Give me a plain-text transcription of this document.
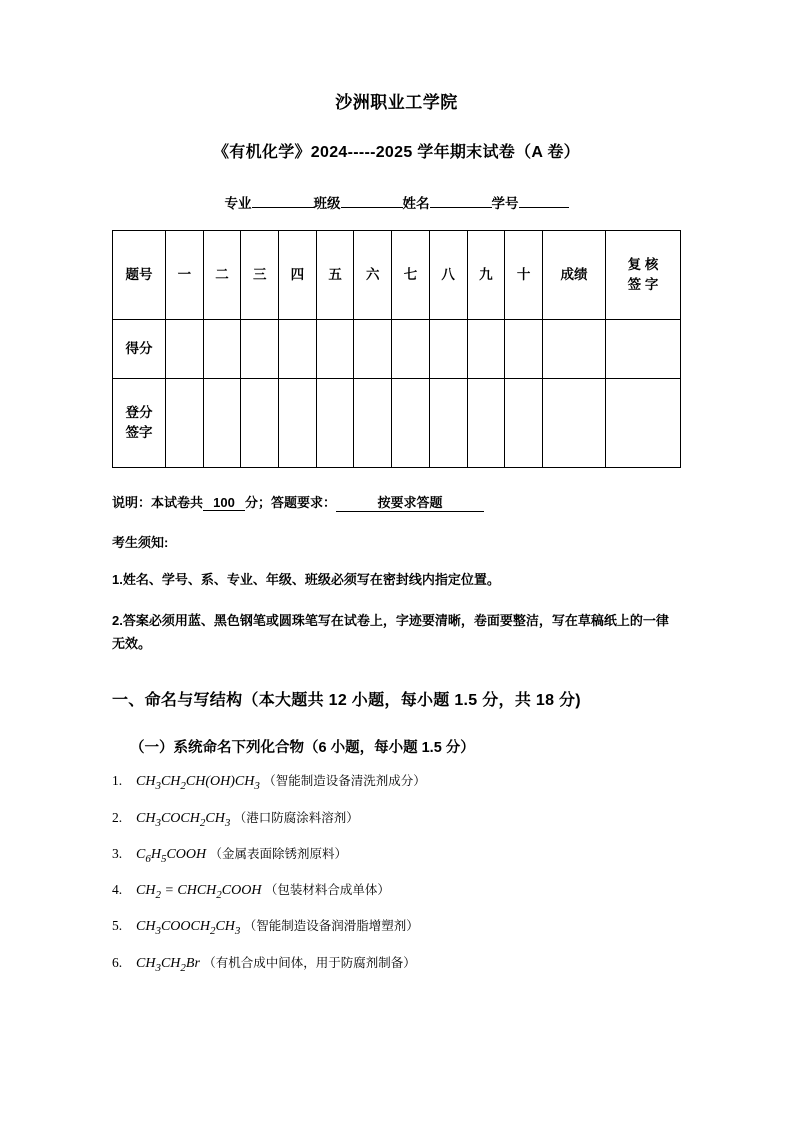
沙洲职业工学院
《有机化学》2024-----2025 学年期末试卷（A 卷）
专业	班级	姓名	学号
题号	一	二	三	四	五	六	七	八	九	十	成绩	复 核
签 字

得分												

登分
签字												

说明：本试卷共 100 分；答题要求：	按要求答题
考生须知:
1.姓名、学号、系、专业、年级、班级必须写在密封线内指定位置。
2.答案必须用蓝、黑色钢笔或圆珠笔写在试卷上，字迹要清晰，卷面要整洁，写在草稿纸上的一律无效。
一、命名与写结构（本大题共 12 小题，每小题 1.5 分，共 18 分)
（一）系统命名下列化合物（6 小题，每小题 1.5 分）
1. $CH_3CH_2CH(OH)CH_3$ （智能制造设备清洗剂成分）
2. $CH_3COCH_2CH_3$ （港口防腐涂料溶剂）
3. $C_6H_5COOH$ （金属表面除锈剂原料）
4. $CH_2$ = $CHCH_2COOH$ （包装材料合成单体）
5. $CH_3COOCH_2CH_3$ （智能制造设备润滑脂增塑剂）
6. $CH_3CH_2Br$ （有机合成中间体，用于防腐剂制备）
